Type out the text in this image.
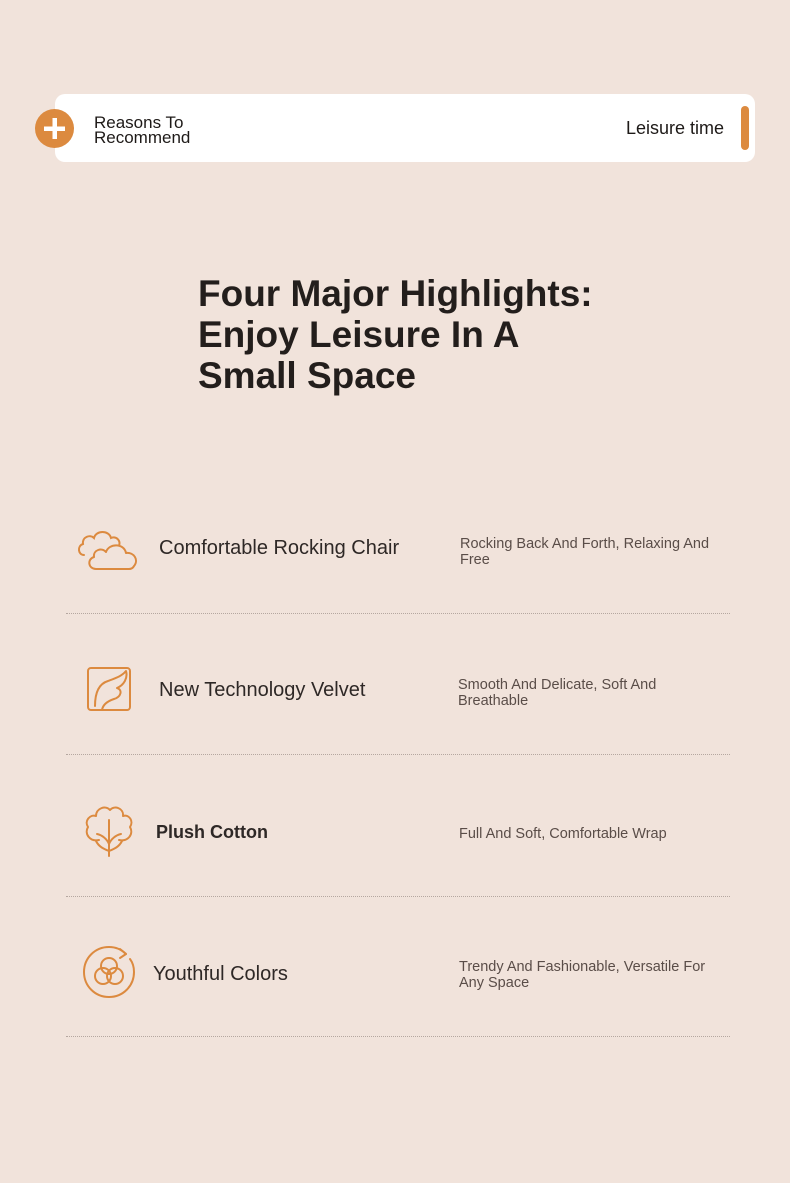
Reasons To
Recommend	Leisure time
Four Major Highlights:
Enjoy Leisure In A
Small Space
Comfortable Rocking Chair	Rocking Back And Forth, Relaxing And Free
New Technology Velvet	Smooth And Delicate, Soft And Breathable
Plush Cotton	Full And Soft, Comfortable Wrap
Youthful Colors	Trendy And Fashionable, Versatile For Any Space
